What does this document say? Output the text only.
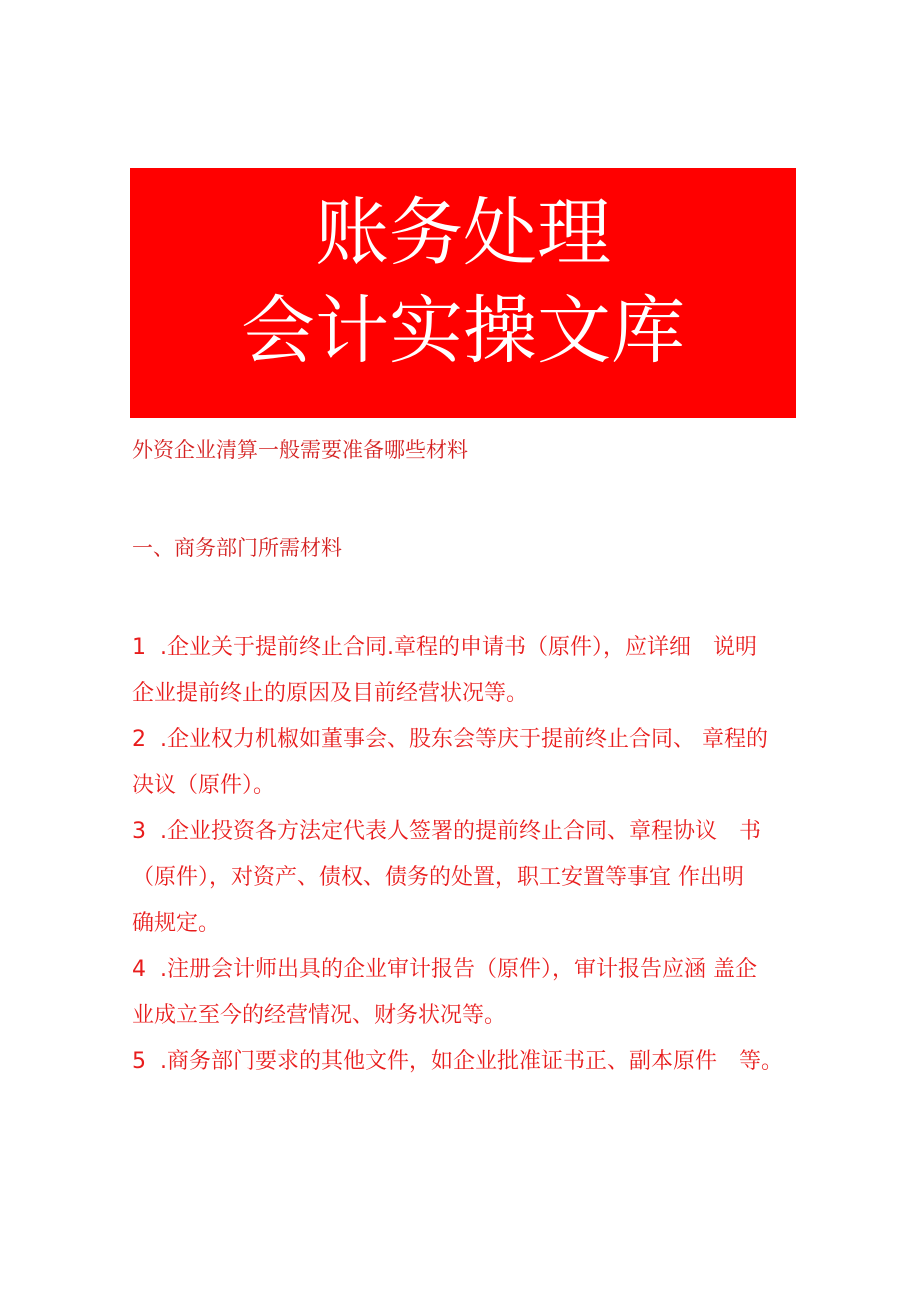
账务处理
会计实操文库
外资企业清算一般需要准备哪些材料
一、商务部门所需材料
1 .企业关于提前终止合同.章程的申请书（原件），应详细　说明
企业提前终止的原因及目前经营状况等。
2 .企业权力机椒如董事会、股东会等庆于提前终止合同、 章程的
决议（原件）。
3 .企业投资各方法定代表人签署的提前终止合同、章程协议　书
（原件），对资产、债权、债务的处置，职工安置等事宜 作出明
确规定。
4 .注册会计师出具的企业审计报告（原件），审计报告应涵 盖企
业成立至今的经营情况、财务状况等。
5 .商务部门要求的其他文件，如企业批准证书正、副本原件　等。
